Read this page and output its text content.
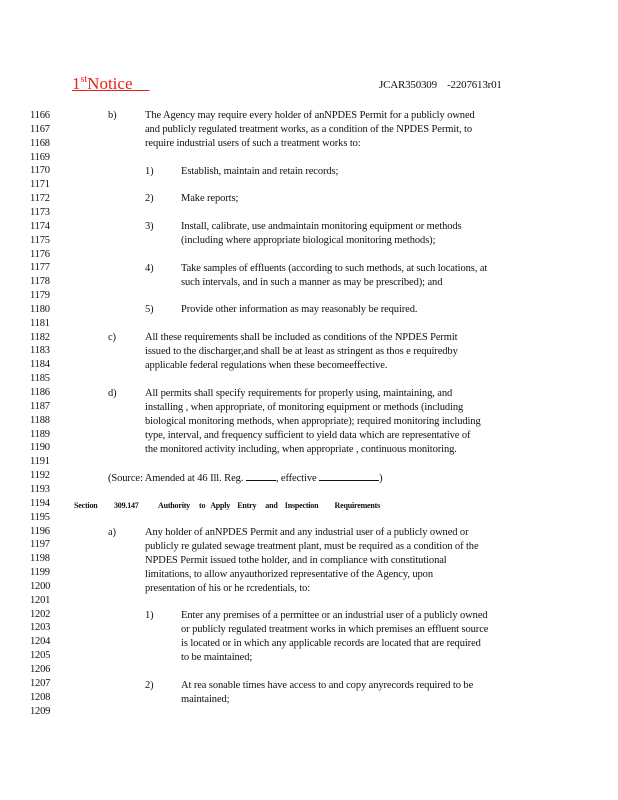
1stNotice	JCAR350309    -2207613r01
1166
1167
1168
1169
1170
1171
1172
1173
1174
1175
1176
1177
1178
1179
1180
1181
1182
1183
1184
1185
1186
1187
1188
1189
1190
1191
1192
1193
1194
1195
1196
1197
1198
1199
1200
1201
1202
1203
1204
1205
1206
1207
1208
1209
b)	The Agency may require every holder of anNPDES Permit for a publicly owned
and publicly regulated treatment works, as a condition of the NPDES Permit, to
require industrial users of such a treatment works to:
1)	Establish, maintain and retain records;
2)	Make reports;
3)	Install, calibrate, use andmaintain monitoring equipment or methods
(including where appropriate biological monitoring methods);
4)	Take samples of effluents (according to such methods, at such locations, at
such intervals, and in such a manner as may be prescribed); and
5)	Provide other information as may reasonably be required.
c)	All these requirements shall be included as conditions of the NPDES Permit
issued to the discharger,and shall be at least as stringent as thos e requiredby
applicable federal regulations when these becomeeffective.
d)	All permits shall specify requirements for properly using, maintaining, and
installing , when appropriate, of monitoring equipment or methods (including
biological monitoring methods, when appropriate); required monitoring including
type, interval, and frequency sufficient to yield data which are representative of
the monitored activity including, when appropriate , continuous monitoring.
(Source: Amended at 46 Ill. Reg.	, effective	)
Section 309.147 Authority     to   Apply    Entry     and    Inspection         Requirements
a)	Any holder of anNPDES Permit and any industrial user of a publicly owned or
publicly re gulated sewage treatment plant, must be required as a condition of the
NPDES Permit issued tothe holder, and in compliance with constitutional
limitations, to allow anyauthorized representative of the Agency, upon
presentation of his or he rcredentials, to:
1)	Enter any premises of a permittee or an industrial user of a publicly owned
or publicly regulated treatment works in which premises an effluent source
is located or in which any applicable records are located that are required
to be maintained;
2)	At rea sonable times have access to and copy anyrecords required to be
maintained;
